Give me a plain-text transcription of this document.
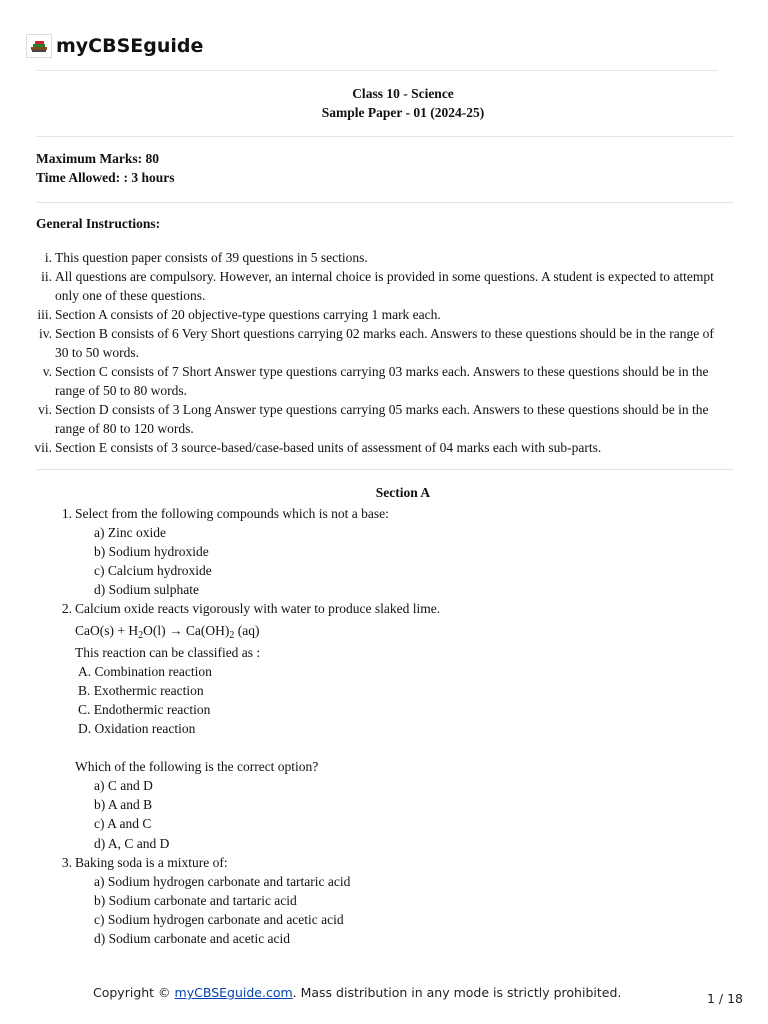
myCBSEguide
Class 10 - Science
Sample Paper - 01 (2024-25)
Maximum Marks: 80
Time Allowed: : 3 hours
General Instructions:
i. This question paper consists of 39 questions in 5 sections.
ii. All questions are compulsory. However, an internal choice is provided in some questions. A student is expected to attempt only one of these questions.
iii. Section A consists of 20 objective-type questions carrying 1 mark each.
iv. Section B consists of 6 Very Short questions carrying 02 marks each. Answers to these questions should be in the range of 30 to 50 words.
v. Section C consists of 7 Short Answer type questions carrying 03 marks each. Answers to these questions should be in the range of 50 to 80 words.
vi. Section D consists of 3 Long Answer type questions carrying 05 marks each. Answers to these questions should be in the range of 80 to 120 words.
vii. Section E consists of 3 source-based/case-based units of assessment of 04 marks each with sub-parts.
Section A
1. Select from the following compounds which is not a base:
a) Zinc oxide
b) Sodium hydroxide
c) Calcium hydroxide
d) Sodium sulphate
2. Calcium oxide reacts vigorously with water to produce slaked lime.
$CaO(s) + H_2O(l) \to Ca(OH)_2$ (aq)
This reaction can be classified as :
A. Combination reaction
B. Exothermic reaction
C. Endothermic reaction
D. Oxidation reaction
Which of the following is the correct option?
a) C and D
b) A and B
c) A and C
d) A, C and D
3. Baking soda is a mixture of:
a) Sodium hydrogen carbonate and tartaric acid
b) Sodium carbonate and tartaric acid
c) Sodium hydrogen carbonate and acetic acid
d) Sodium carbonate and acetic acid
Copyright © myCBSEguide.com. Mass distribution in any mode is strictly prohibited.	1 / 18
